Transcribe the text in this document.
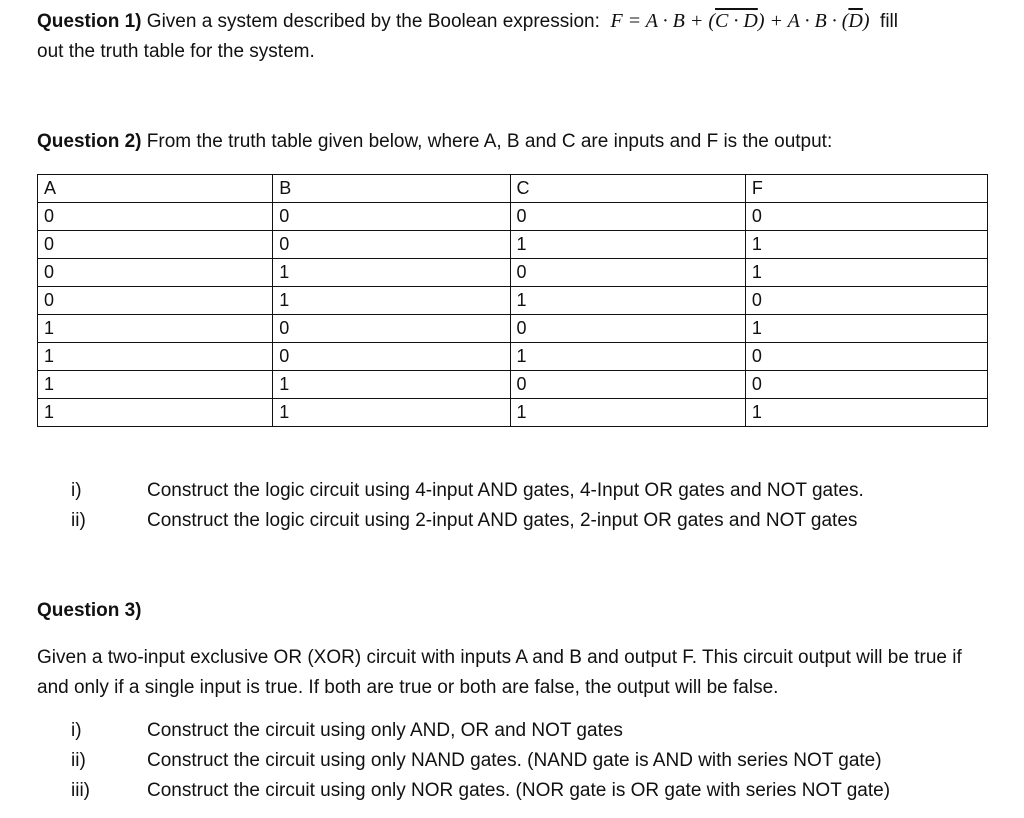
Question 1) Given a system described by the Boolean expression: $F = A \cdot B + (C \cdot D) + A \cdot B \cdot (\overline{D})$ fill
out the truth table for the system.
Question 2) From the truth table given below, where A, B and C are inputs and F is the output:
A	B	C	F
0	0	0	0
0	0	1	1
0	1	0	1
0	1	1	0
1	0	0	1
1	0	1	0
1	1	0	0
1	1	1	1
i)	Construct the logic circuit using 4-input AND gates, 4-Input OR gates and NOT gates.
ii)	Construct the logic circuit using 2-input AND gates, 2-input OR gates and NOT gates
Question 3)
Given a two-input exclusive OR (XOR) circuit with inputs A and B and output F. This circuit output will be true if and only if a single input is true. If both are true or both are false, the output will be false.
i)	Construct the circuit using only AND, OR and NOT gates
ii)	Construct the circuit using only NAND gates. (NAND gate is AND with series NOT gate)
iii)	Construct the circuit using only NOR gates. (NOR gate is OR gate with series NOT gate)
